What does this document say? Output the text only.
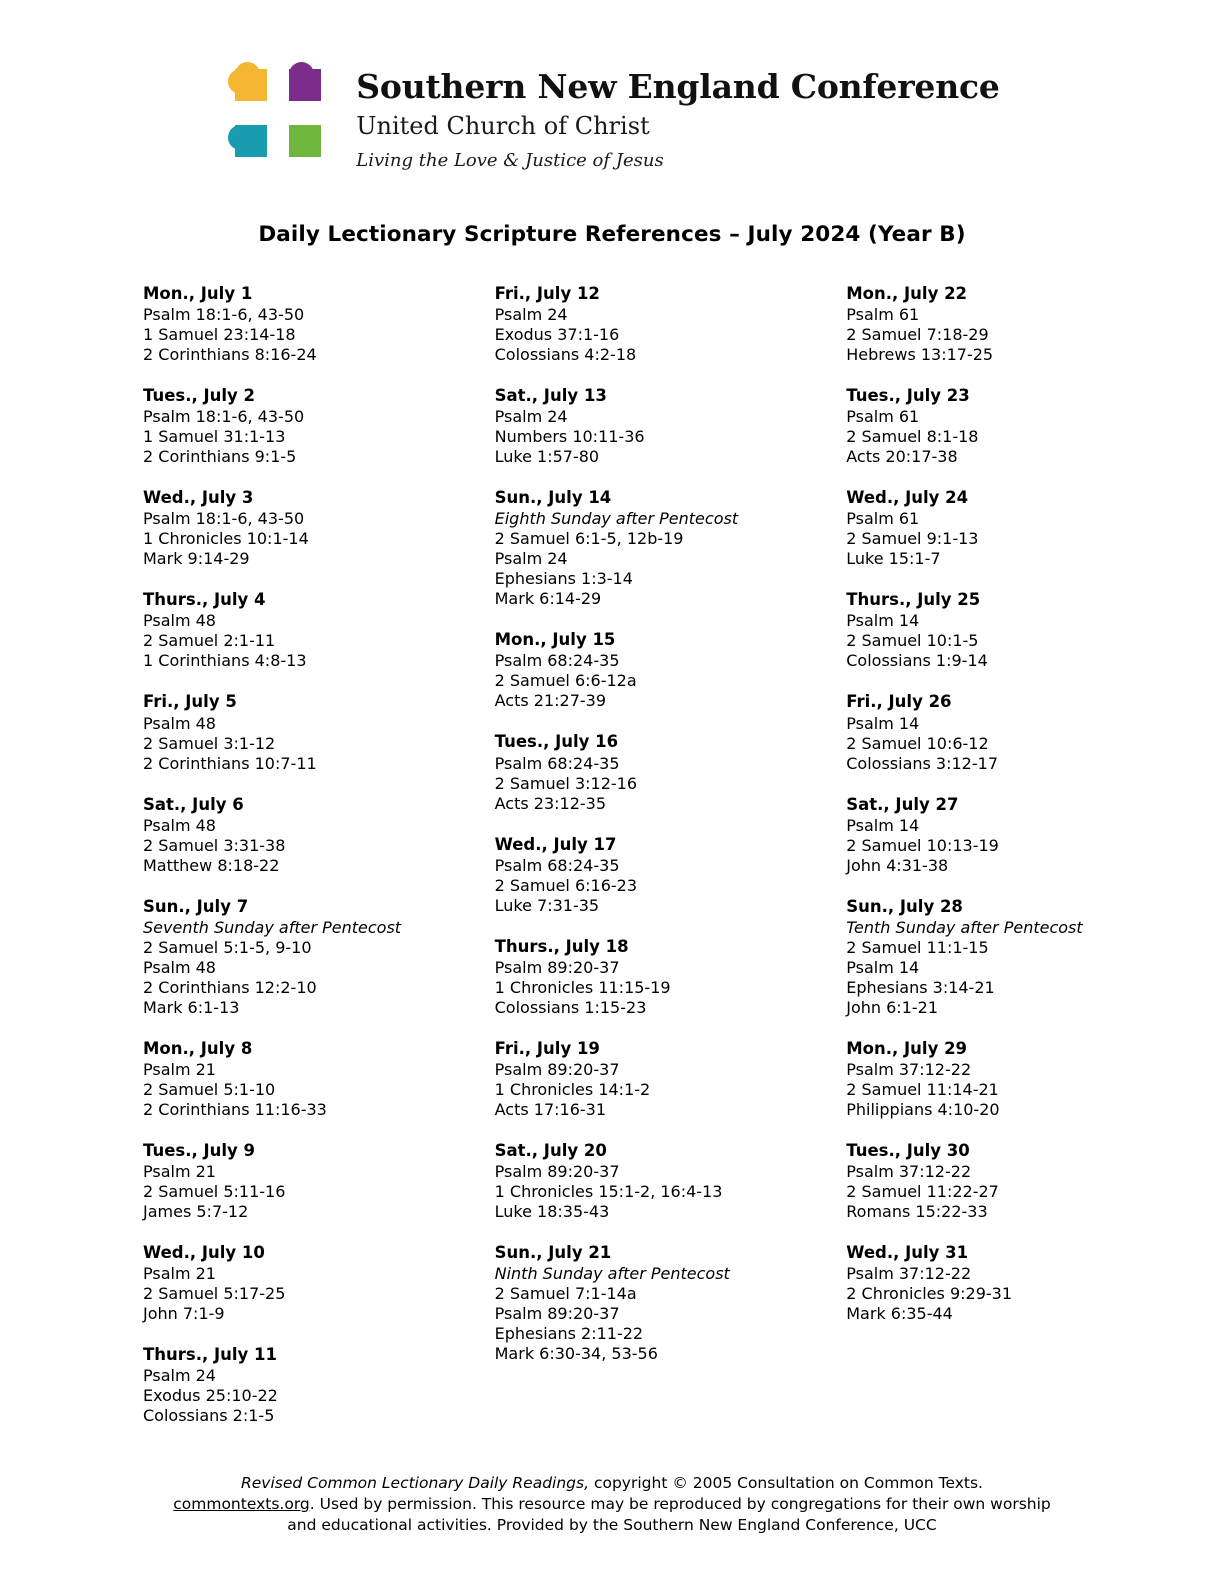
Southern New England Conference
United Church of Christ
Living the Love & Justice of Jesus
Daily Lectionary Scripture References – July 2024 (Year B)
Mon., July 1
Psalm 18:1-6, 43-50
1 Samuel 23:14-18
2 Corinthians 8:16-24
Tues., July 2
Psalm 18:1-6, 43-50
1 Samuel 31:1-13
2 Corinthians 9:1-5
Wed., July 3
Psalm 18:1-6, 43-50
1 Chronicles 10:1-14
Mark 9:14-29
Thurs., July 4
Psalm 48
2 Samuel 2:1-11
1 Corinthians 4:8-13
Fri., July 5
Psalm 48
2 Samuel 3:1-12
2 Corinthians 10:7-11
Sat., July 6
Psalm 48
2 Samuel 3:31-38
Matthew 8:18-22
Sun., July 7
Seventh Sunday after Pentecost
2 Samuel 5:1-5, 9-10
Psalm 48
2 Corinthians 12:2-10
Mark 6:1-13
Mon., July 8
Psalm 21
2 Samuel 5:1-10
2 Corinthians 11:16-33
Tues., July 9
Psalm 21
2 Samuel 5:11-16
James 5:7-12
Wed., July 10
Psalm 21
2 Samuel 5:17-25
John 7:1-9
Thurs., July 11
Psalm 24
Exodus 25:10-22
Colossians 2:1-5
Fri., July 12
Psalm 24
Exodus 37:1-16
Colossians 4:2-18
Sat., July 13
Psalm 24
Numbers 10:11-36
Luke 1:57-80
Sun., July 14
Eighth Sunday after Pentecost
2 Samuel 6:1-5, 12b-19
Psalm 24
Ephesians 1:3-14
Mark 6:14-29
Mon., July 15
Psalm 68:24-35
2 Samuel 6:6-12a
Acts 21:27-39
Tues., July 16
Psalm 68:24-35
2 Samuel 3:12-16
Acts 23:12-35
Wed., July 17
Psalm 68:24-35
2 Samuel 6:16-23
Luke 7:31-35
Thurs., July 18
Psalm 89:20-37
1 Chronicles 11:15-19
Colossians 1:15-23
Fri., July 19
Psalm 89:20-37
1 Chronicles 14:1-2
Acts 17:16-31
Sat., July 20
Psalm 89:20-37
1 Chronicles 15:1-2, 16:4-13
Luke 18:35-43
Sun., July 21
Ninth Sunday after Pentecost
2 Samuel 7:1-14a
Psalm 89:20-37
Ephesians 2:11-22
Mark 6:30-34, 53-56
Mon., July 22
Psalm 61
2 Samuel 7:18-29
Hebrews 13:17-25
Tues., July 23
Psalm 61
2 Samuel 8:1-18
Acts 20:17-38
Wed., July 24
Psalm 61
2 Samuel 9:1-13
Luke 15:1-7
Thurs., July 25
Psalm 14
2 Samuel 10:1-5
Colossians 1:9-14
Fri., July 26
Psalm 14
2 Samuel 10:6-12
Colossians 3:12-17
Sat., July 27
Psalm 14
2 Samuel 10:13-19
John 4:31-38
Sun., July 28
Tenth Sunday after Pentecost
2 Samuel 11:1-15
Psalm 14
Ephesians 3:14-21
John 6:1-21
Mon., July 29
Psalm 37:12-22
2 Samuel 11:14-21
Philippians 4:10-20
Tues., July 30
Psalm 37:12-22
2 Samuel 11:22-27
Romans 15:22-33
Wed., July 31
Psalm 37:12-22
2 Chronicles 9:29-31
Mark 6:35-44
Revised Common Lectionary Daily Readings, copyright © 2005 Consultation on Common Texts. commontexts.org. Used by permission. This resource may be reproduced by congregations for their own worship and educational activities. Provided by the Southern New England Conference, UCC
